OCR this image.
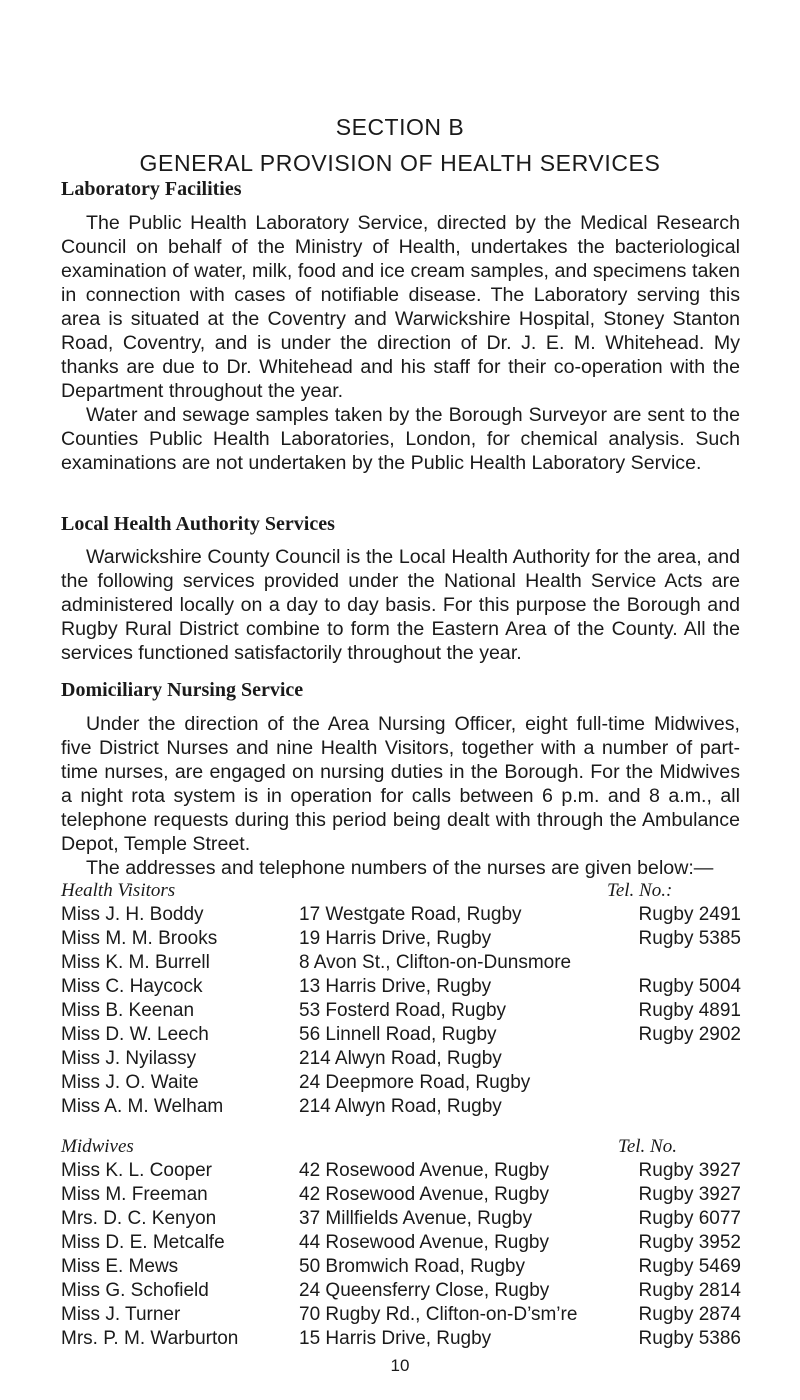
SECTION B
GENERAL PROVISION OF HEALTH SERVICES
Laboratory Facilities

The Public Health Laboratory Service, directed by the Medical Research Council on behalf of the Ministry of Health, undertakes the bacteriological examination of water, milk, food and ice cream samples, and specimens taken in connection with cases of notifiable disease. The Laboratory serving this area is situated at the Coventry and Warwickshire Hospital, Stoney Stanton Road, Coventry, and is under the direction of Dr. J. E. M. Whitehead. My thanks are due to Dr. Whitehead and his staff for their co-operation with the Department throughout the year.

Water and sewage samples taken by the Borough Surveyor are sent to the Counties Public Health Laboratories, London, for chemical analysis. Such examinations are not undertaken by the Public Health Laboratory Service.

Local Health Authority Services

Warwickshire County Council is the Local Health Authority for the area, and the following services provided under the National Health Service Acts are administered locally on a day to day basis. For this purpose the Borough and Rugby Rural District combine to form the Eastern Area of the County. All the services functioned satisfactorily throughout the year.

Domiciliary Nursing Service

Under the direction of the Area Nursing Officer, eight full-time Midwives, five District Nurses and nine Health Visitors, together with a number of part-time nurses, are engaged on nursing duties in the Borough. For the Midwives a night rota system is in operation for calls between 6 p.m. and 8 a.m., all telephone requests during this period being dealt with through the Ambulance Depot, Temple Street.

The addresses and telephone numbers of the nurses are given below:—

Health Visitors	Tel. No.:
Miss J. H. Boddy	17 Westgate Road, Rugby	Rugby 2491
Miss M. M. Brooks	19 Harris Drive, Rugby	Rugby 5385
Miss K. M. Burrell	8 Avon St., Clifton-on-Dunsmore
Miss C. Haycock	13 Harris Drive, Rugby	Rugby 5004
Miss B. Keenan	53 Fosterd Road, Rugby	Rugby 4891
Miss D. W. Leech	56 Linnell Road, Rugby	Rugby 2902
Miss J. Nyilassy	214 Alwyn Road, Rugby
Miss J. O. Waite	24 Deepmore Road, Rugby
Miss A. M. Welham	214 Alwyn Road, Rugby
Midwives	Tel. No.
Miss K. L. Cooper	42 Rosewood Avenue, Rugby	Rugby 3927
Miss M. Freeman	42 Rosewood Avenue, Rugby	Rugby 3927
Mrs. D. C. Kenyon	37 Millfields Avenue, Rugby	Rugby 6077
Miss D. E. Metcalfe	44 Rosewood Avenue, Rugby	Rugby 3952
Miss E. Mews	50 Bromwich Road, Rugby	Rugby 5469
Miss G. Schofield	24 Queensferry Close, Rugby	Rugby 2814
Miss J. Turner	70 Rugby Rd., Clifton-on-D’sm’re	Rugby 2874
Mrs. P. M. Warburton	15 Harris Drive, Rugby	Rugby 5386
10
